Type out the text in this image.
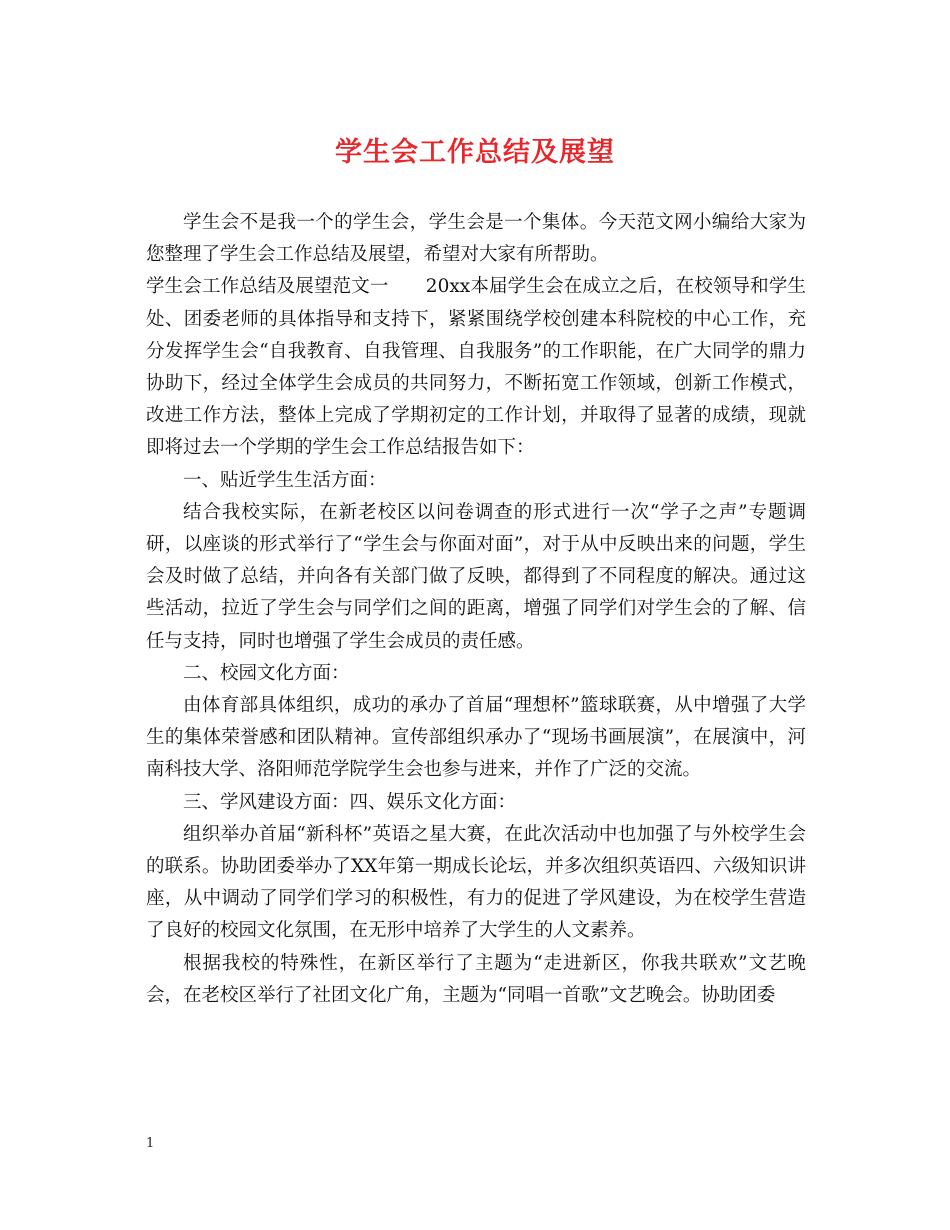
学生会工作总结及展望

学生会不是我一个的学生会，学生会是一个集体。今天范文网小编给大家为您整理了学生会工作总结及展望，希望对大家有所帮助。

学生会工作总结及展望范文一　　20xx本届学生会在成立之后，在校领导和学生处、团委老师的具体指导和支持下，紧紧围绕学校创建本科院校的中心工作，充分发挥学生会“自我教育、自我管理、自我服务”的工作职能，在广大同学的鼎力协助下，经过全体学生会成员的共同努力，不断拓宽工作领域，创新工作模式，改进工作方法，整体上完成了学期初定的工作计划，并取得了显著的成绩，现就即将过去一个学期的学生会工作总结报告如下：

一、贴近学生生活方面：

结合我校实际，在新老校区以问卷调查的形式进行一次“学子之声”专题调研，以座谈的形式举行了“学生会与你面对面”，对于从中反映出来的问题，学生会及时做了总结，并向各有关部门做了反映，都得到了不同程度的解决。通过这些活动，拉近了学生会与同学们之间的距离，增强了同学们对学生会的了解、信任与支持，同时也增强了学生会成员的责任感。

二、校园文化方面：

由体育部具体组织，成功的承办了首届“理想杯”篮球联赛，从中增强了大学生的集体荣誉感和团队精神。宣传部组织承办了“现场书画展演”，在展演中，河南科技大学、洛阳师范学院学生会也参与进来，并作了广泛的交流。

三、学风建设方面：四、娱乐文化方面：

组织举办首届“新科杯”英语之星大赛，在此次活动中也加强了与外校学生会的联系。协助团委举办了XX年第一期成长论坛，并多次组织英语四、六级知识讲座，从中调动了同学们学习的积极性，有力的促进了学风建设，为在校学生营造了良好的校园文化氛围，在无形中培养了大学生的人文素养。

根据我校的特殊性，在新区举行了主题为“走进新区，你我共联欢”文艺晚会，在老校区举行了社团文化广角，主题为“同唱一首歌”文艺晚会。协助团委

1
